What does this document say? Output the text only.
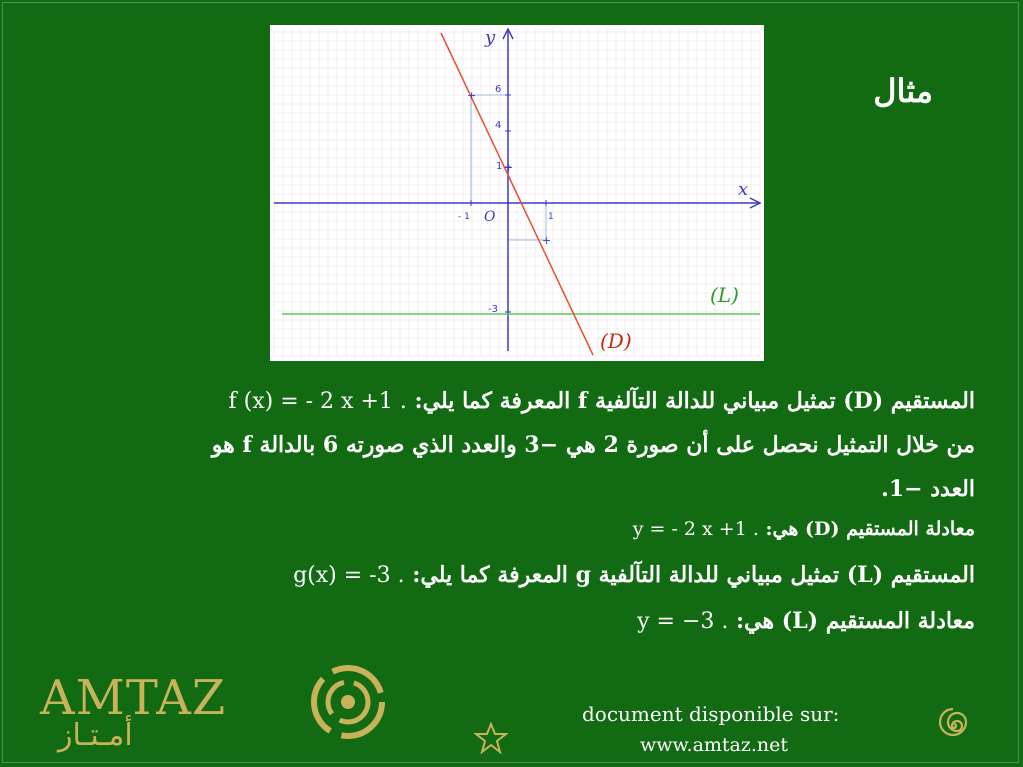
+
+
+
y
x
O
6
4
1
-3
- 1	1
(L)
(D)
مثال
المستقيم (D) تمثيل مبياني للدالة التآلفية f المعرفة كما يلي: f (x) = - 2 x +1 .
من خلال التمثيل نحصل على أن صورة 2 هي −3 والعدد الذي صورته 6 بالدالة f هو
العدد −1.
معادلة المستقيم (D) هي: y = - 2 x +1 .
المستقيم (L) تمثيل مبياني للدالة التآلفية g المعرفة كما يلي: g(x) = -3 .
معادلة المستقيم (L) هي: y = −3 .
AMTAZ
أمـتـاز
document disponible sur:
www.amtaz.net
